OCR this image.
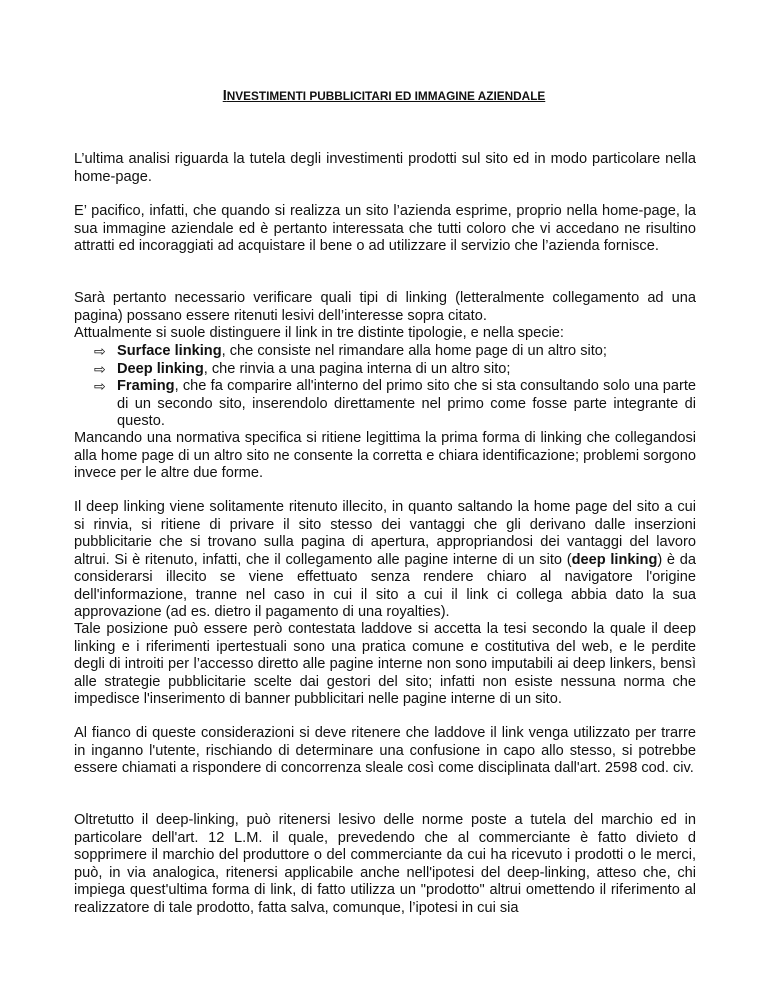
INVESTIMENTI PUBBLICITARI ED IMMAGINE AZIENDALE

L’ultima analisi riguarda la tutela degli investimenti prodotti sul sito ed in modo particolare nella home-page.

E’ pacifico, infatti, che quando si realizza un sito l’azienda esprime, proprio nella home-page, la sua immagine aziendale ed è pertanto interessata che tutti coloro che vi accedano ne risultino attratti ed incoraggiati ad acquistare il bene o ad utilizzare il servizio che l’azienda fornisce.

Sarà pertanto necessario verificare quali tipi di linking (letteralmente collegamento ad una pagina) possano essere ritenuti lesivi dell’interesse sopra citato.

Attualmente si suole distinguere il link in tre distinte tipologie, e nella specie:

⇨ Surface linking, che consiste nel rimandare alla home page di un altro sito;
⇨ Deep linking, che rinvia a una pagina interna di un altro sito;
⇨ Framing, che fa comparire all'interno del primo sito che si sta consultando solo una parte di un secondo sito, inserendolo direttamente nel primo come fosse parte integrante di questo.

Mancando una normativa specifica si ritiene legittima la prima forma di linking che collegandosi alla home page di un altro sito ne consente la corretta e chiara identificazione; problemi sorgono invece per le altre due forme.

Il deep linking viene solitamente ritenuto illecito, in quanto saltando la home page del sito a cui si rinvia, si ritiene di privare il sito stesso dei vantaggi che gli derivano dalle inserzioni pubblicitarie che si trovano sulla pagina di apertura, appropriandosi dei vantaggi del lavoro altrui. Si è ritenuto, infatti, che il collegamento alle pagine interne di un sito (deep linking) è da considerarsi illecito se viene effettuato senza rendere chiaro al navigatore l'origine dell'informazione, tranne nel caso in cui il sito a cui il link ci collega abbia dato la sua approvazione (ad es. dietro il pagamento di una royalties).

Tale posizione può essere però contestata laddove si accetta la tesi secondo la quale il deep linking e i riferimenti ipertestuali sono una pratica comune e costitutiva del web, e le perdite degli di introiti per l’accesso diretto alle pagine interne non sono imputabili ai deep linkers, bensì alle strategie pubblicitarie scelte dai gestori del sito; infatti non esiste nessuna norma che impedisce l'inserimento di banner pubblicitari nelle pagine interne di un sito.

Al fianco di queste considerazioni si deve ritenere che laddove il link venga utilizzato per trarre in inganno l'utente, rischiando di determinare una confusione in capo allo stesso, si potrebbe essere chiamati a rispondere di concorrenza sleale così come disciplinata dall'art. 2598 cod. civ.

Oltretutto il deep-linking, può ritenersi lesivo delle norme poste a tutela del marchio ed in particolare dell'art. 12 L.M. il quale, prevedendo che al commerciante è fatto divieto d sopprimere il marchio del produttore o del commerciante da cui ha ricevuto i prodotti o le merci, può, in via analogica, ritenersi applicabile anche nell'ipotesi del deep-linking, atteso che, chi impiega quest'ultima forma di link, di fatto utilizza un "prodotto" altrui omettendo il riferimento al realizzatore di tale prodotto, fatta salva, comunque, l’ipotesi in cui sia
